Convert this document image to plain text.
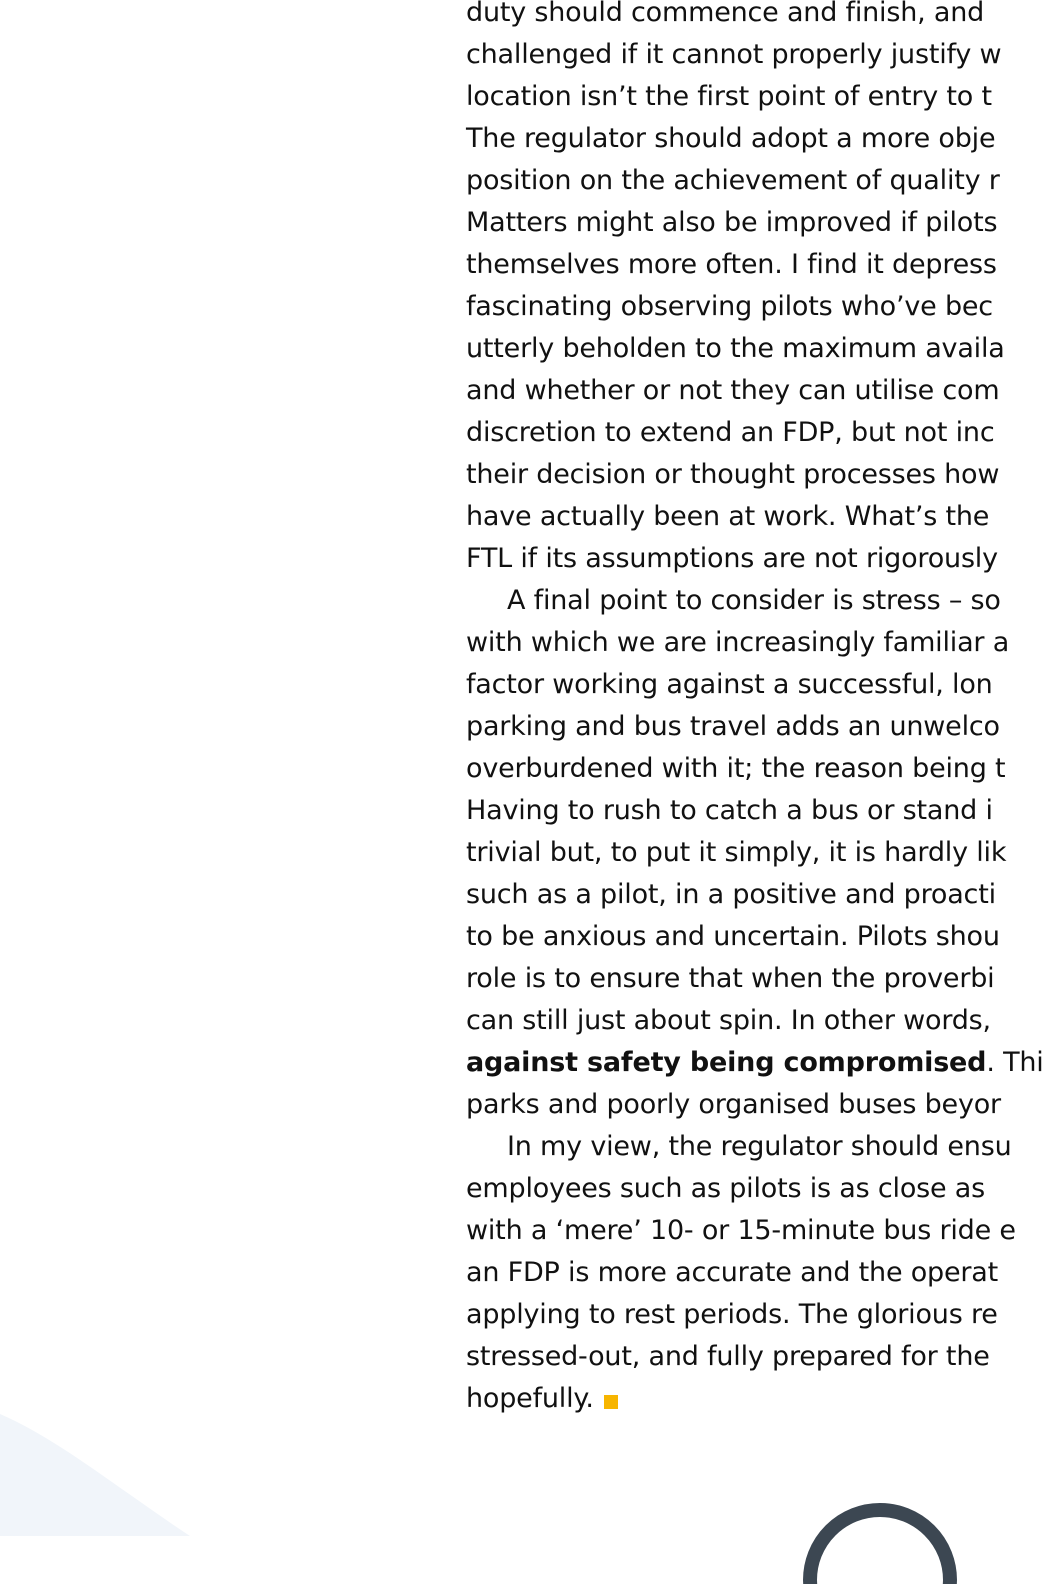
duty should commence and finish, and
challenged if it cannot properly justify w
location isn’t the first point of entry to t
The regulator should adopt a more obje
position on the achievement of quality r
Matters might also be improved if pilots
themselves more often. I find it depress
fascinating observing pilots who’ve bec
utterly beholden to the maximum availa
and whether or not they can utilise com
discretion to extend an FDP, but not inc
their decision or thought processes how
have actually been at work. What’s the
FTL if its assumptions are not rigorously
A final point to consider is stress – so
with which we are increasingly familiar a
factor working against a successful, lon
parking and bus travel adds an unwelco
overburdened with it; the reason being t
Having to rush to catch a bus or stand i
trivial but, to put it simply, it is hardly lik
such as a pilot, in a positive and proacti
to be anxious and uncertain. Pilots shou
role is to ensure that when the proverbi
can still just about spin. In other words,
against safety being compromised. Thi
parks and poorly organised buses beyor
In my view, the regulator should ensu
employees such as pilots is as close as
with a ‘mere’ 10- or 15-minute bus ride e
an FDP is more accurate and the operat
applying to rest periods. The glorious re
stressed-out, and fully prepared for the
hopefully.
